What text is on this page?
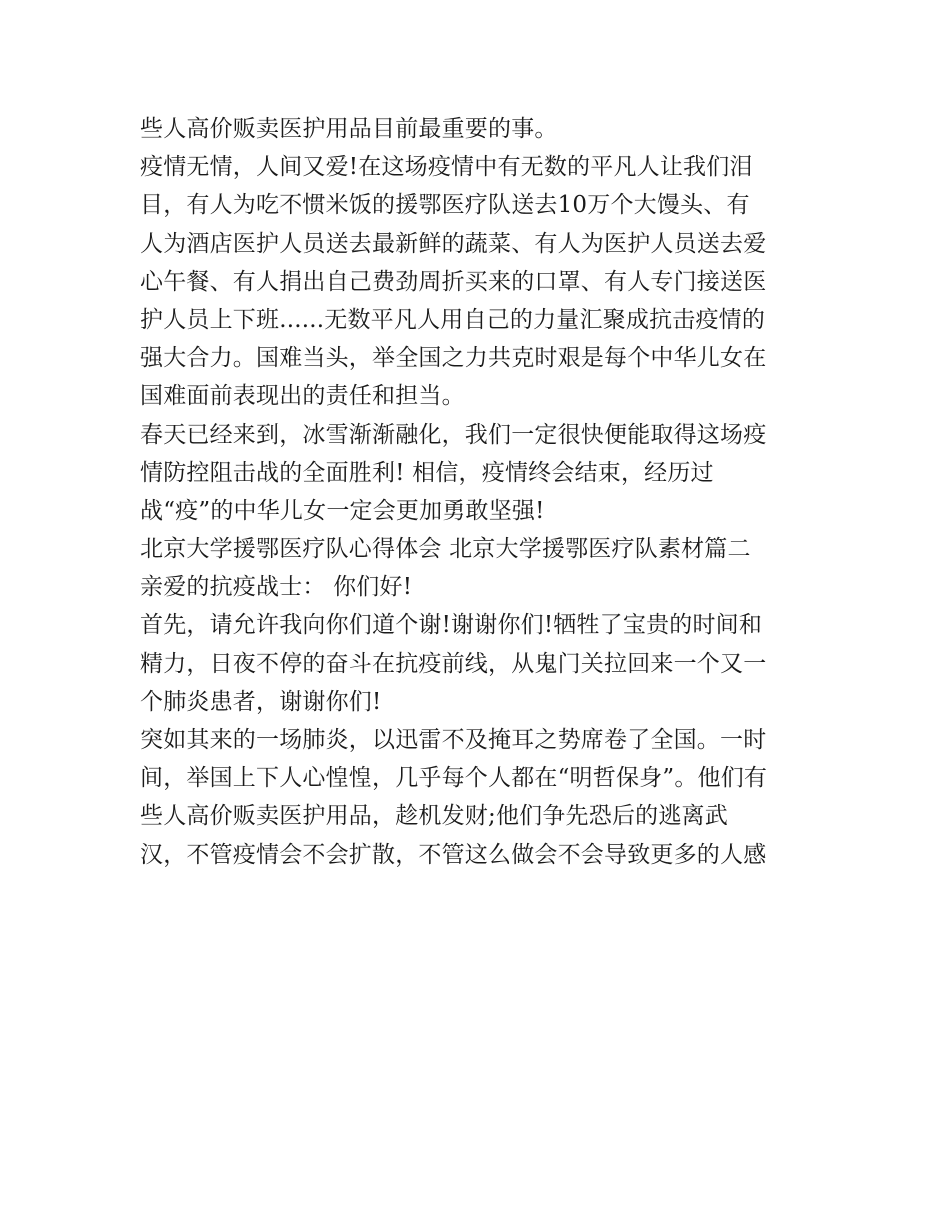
些人高价贩卖医护用品目前最重要的事。
疫情无情，人间又爱!在这场疫情中有无数的平凡人让我们泪
目，有人为吃不惯米饭的援鄂医疗队送去10万个大馒头、有
人为酒店医护人员送去最新鲜的蔬菜、有人为医护人员送去爱
心午餐、有人捐出自己费劲周折买来的口罩、有人专门接送医
护人员上下班......无数平凡人用自己的力量汇聚成抗击疫情的
强大合力。国难当头，举全国之力共克时艰是每个中华儿女在
国难面前表现出的责任和担当。
春天已经来到，冰雪渐渐融化，我们一定很快便能取得这场疫
情防控阻击战的全面胜利! 相信，疫情终会结束，经历过
战“疫”的中华儿女一定会更加勇敢坚强!
北京大学援鄂医疗队心得体会 北京大学援鄂医疗队素材篇二
亲爱的抗疫战士： 你们好!
首先，请允许我向你们道个谢!谢谢你们!牺牲了宝贵的时间和
精力，日夜不停的奋斗在抗疫前线，从鬼门关拉回来一个又一
个肺炎患者，谢谢你们!
突如其来的一场肺炎，以迅雷不及掩耳之势席卷了全国。一时
间，举国上下人心惶惶，几乎每个人都在“明哲保身”。他们有
些人高价贩卖医护用品，趁机发财;他们争先恐后的逃离武
汉，不管疫情会不会扩散，不管这么做会不会导致更多的人感
